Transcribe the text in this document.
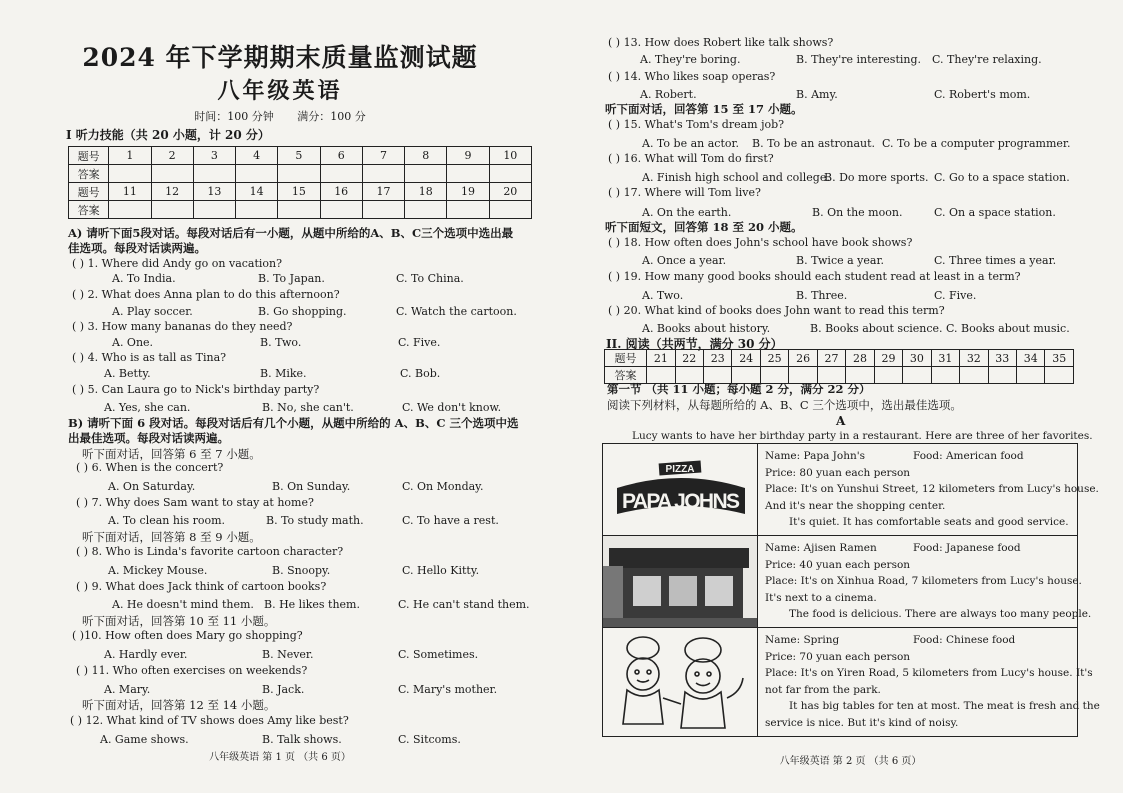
2024 年下学期期末质量监测试题
八年级英语
时间：100 分钟 满分：100 分
I 听力技能（共 20 小题，计 20 分）
题号	1	2	3	4	5	6	7	8	9	10
答案										
题号	11	12	13	14	15	16	17	18	19	20
答案										
A) 请听下面5段对话。每段对话后有一小题，从题中所给的A、B、C三个选项中选出最
佳选项。每段对话读两遍。
( ) 1. Where did Andy go on vacation?
A. To India.	B. To Japan.	C. To China.
( ) 2. What does Anna plan to do this afternoon?
A. Play soccer.	B. Go shopping.	C. Watch the cartoon.
( ) 3. How many bananas do they need?
A. One.	B. Two.	C. Five.
( ) 4. Who is as tall as Tina?
A. Betty.	B. Mike.	C. Bob.
( ) 5. Can Laura go to Nick's birthday party?
A. Yes, she can.	B. No, she can't.	C. We don't know.
B) 请听下面 6 段对话。每段对话后有几个小题，从题中所给的 A、B、C 三个选项中选
出最佳选项。每段对话读两遍。
听下面对话，回答第 6 至 7 小题。
( ) 6. When is the concert?
A. On Saturday.	B. On Sunday.	C. On Monday.
( ) 7. Why does Sam want to stay at home?
A. To clean his room.	B. To study math.	C. To have a rest.
听下面对话，回答第 8 至 9 小题。
( ) 8. Who is Linda's favorite cartoon character?
A. Mickey Mouse.	B. Snoopy.	C. Hello Kitty.
( ) 9. What does Jack think of cartoon books?
A. He doesn't mind them. B. He likes them.	C. He can't stand them.
听下面对话，回答第 10 至 11 小题。
( )10. How often does Mary go shopping?
A. Hardly ever.	B. Never.	C. Sometimes.
( ) 11. Who often exercises on weekends?
A. Mary.	B. Jack.	C. Mary's mother.
听下面对话，回答第 12 至 14 小题。
( ) 12. What kind of TV shows does Amy like best?
A. Game shows.	B. Talk shows.	C. Sitcoms.
八年级英语 第 1 页 （共 6 页）
( ) 13. How does Robert like talk shows?
A. They're boring.	B. They're interesting. C. They're relaxing.
( ) 14. Who likes soap operas?
A. Robert.	B. Amy.	C. Robert's mom.
听下面对话，回答第 15 至 17 小题。
( ) 15. What's Tom's dream job?
A. To be an actor. B. To be an astronaut. C. To be a computer programmer.
( ) 16. What will Tom do first?
A. Finish high school and college.
B. Do more sports. C. Go to a space station.
( ) 17. Where will Tom live?
A. On the earth.	B. On the moon.	C. On a space station.
听下面短文，回答第 18 至 20 小题。
( ) 18. How often does John's school have book shows?
A. Once a year.	B. Twice a year.	C. Three times a year.
( ) 19. How many good books should each student read at least in a term?
A. Two.	B. Three.	C. Five.
( ) 20. What kind of books does John want to read this term?
A. Books about history.	B. Books about science. C. Books about music.
II. 阅读（共两节，满分 30 分）
题号	21	22	23	24	25	26	27	28	29	30	31	32	33	34	35
答案															
第一节 （共 11 小题；每小题 2 分，满分 22 分）
阅读下列材料，从每题所给的 A、B、C 三个选项中，选出最佳选项。
A
Lucy wants to have her birthday party in a restaurant. Here are three of her favorites.
PIZZA
PAPA JOHNS
Name: Papa John's	Food: American food
Price: 80 yuan each person
Place: It's on Yunshui Street, 12 kilometers from Lucy's house.
And it's near the shopping center.
It's quiet. It has comfortable seats and good service.
Name: Ajisen Ramen	Food: Japanese food
Price: 40 yuan each person
Place: It's on Xinhua Road, 7 kilometers from Lucy's house.
It's next to a cinema.
The food is delicious. There are always too many people.
Name: Spring	Food: Chinese food
Price: 70 yuan each person
Place: It's on Yiren Road, 5 kilometers from Lucy's house. It's
not far from the park.
It has big tables for ten at most. The meat is fresh and the
service is nice. But it's kind of noisy.
八年级英语 第 2 页 （共 6 页）
